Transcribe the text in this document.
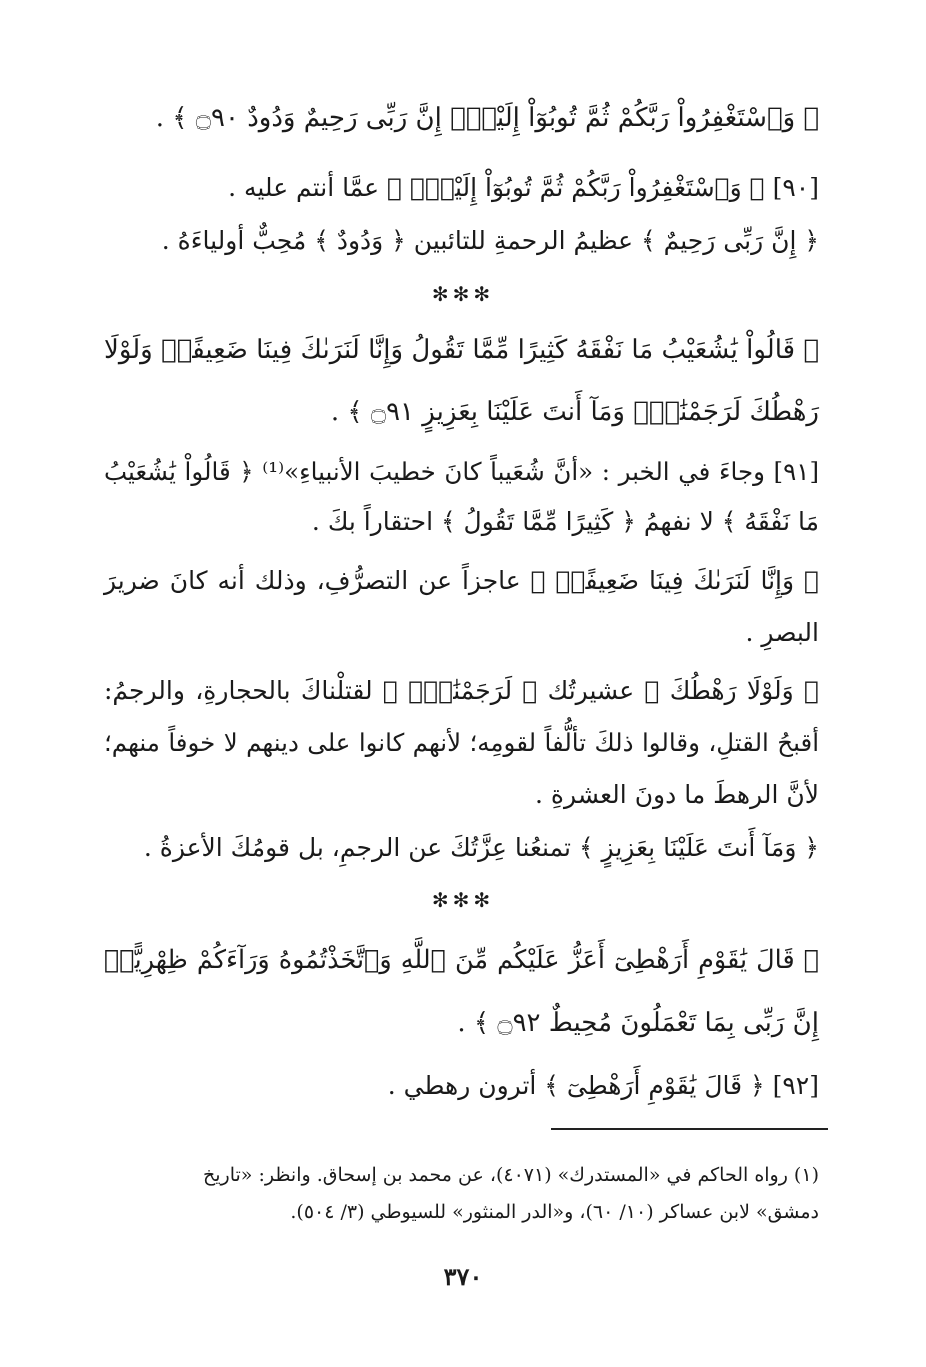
﴿ وَٱسْتَغْفِرُواْ رَبَّكُمْ ثُمَّ تُوبُوٓاْ إِلَيْهِۚ إِنَّ رَبِّى رَحِيمٌ وَدُودٌ ۝٩٠ ﴾ .
[٩٠] ﴿ وَٱسْتَغْفِرُواْ رَبَّكُمْ ثُمَّ تُوبُوٓاْ إِلَيْهِۚ ﴾ عمَّا أنتم عليه .
﴿ إِنَّ رَبِّى رَحِيمٌ ﴾ عظيمُ الرحمةِ للتائبين ﴿ وَدُودٌ ﴾ مُحِبٌّ أولياءَهُ .
✻✻✻
﴿ قَالُواْ يَٰشُعَيْبُ مَا نَفْقَهُ كَثِيرًا مِّمَّا تَقُولُ وَإِنَّا لَنَرَىٰكَ فِينَا ضَعِيفًاۖ وَلَوْلَا
رَهْطُكَ لَرَجَمْنَٰكَۖ وَمَآ أَنتَ عَلَيْنَا بِعَزِيزٍ ۝٩١ ﴾ .
[٩١] وجاءَ في الخبر : «أنَّ شُعَيباً كانَ خطيبَ الأنبياءِ»⁽¹⁾ ﴿ قَالُواْ يَٰشُعَيْبُ
مَا نَفْقَهُ ﴾ لا نفهمُ ﴿ كَثِيرًا مِّمَّا تَقُولُ ﴾ احتقاراً بكَ .
﴿ وَإِنَّا لَنَرَىٰكَ فِينَا ضَعِيفًاۖ ﴾ عاجزاً عن التصرُّفِ، وذلك أنه كانَ ضريرَ
البصرِ .
﴿ وَلَوْلَا رَهْطُكَ ﴾ عشيرتُك ﴿ لَرَجَمْنَٰكَۖ ﴾ لقتلْناكَ بالحجارةِ، والرجمُ:
أقبحُ القتلِ، وقالوا ذلكَ تألُّفاً لقومِه؛ لأنهم كانوا على دينهم لا خوفاً منهم؛
لأنَّ الرهطَ ما دونَ العشرةِ .
﴿ وَمَآ أَنتَ عَلَيْنَا بِعَزِيزٍ ﴾ تمنعُنا عِزَّتُكَ عن الرجمِ، بل قومُكَ الأعزةُ .
✻✻✻
﴿ قَالَ يَٰقَوْمِ أَرَهْطِىٓ أَعَزُّ عَلَيْكُم مِّنَ ٱللَّهِ وَٱتَّخَذْتُمُوهُ وَرَآءَكُمْ ظِهْرِيًّاۖ
إِنَّ رَبِّى بِمَا تَعْمَلُونَ مُحِيطٌ ۝٩٢ ﴾ .
[٩٢] ﴿ قَالَ يَٰقَوْمِ أَرَهْطِىٓ ﴾ أترون رهطي .
(١) رواه الحاكم في «المستدرك» (٤٠٧١)، عن محمد بن إسحاق. وانظر: «تاريخ
دمشق» لابن عساكر (١٠/ ٦٠)، و«الدر المنثور» للسيوطي (٣/ ٥٠٤).
٣٧٠
